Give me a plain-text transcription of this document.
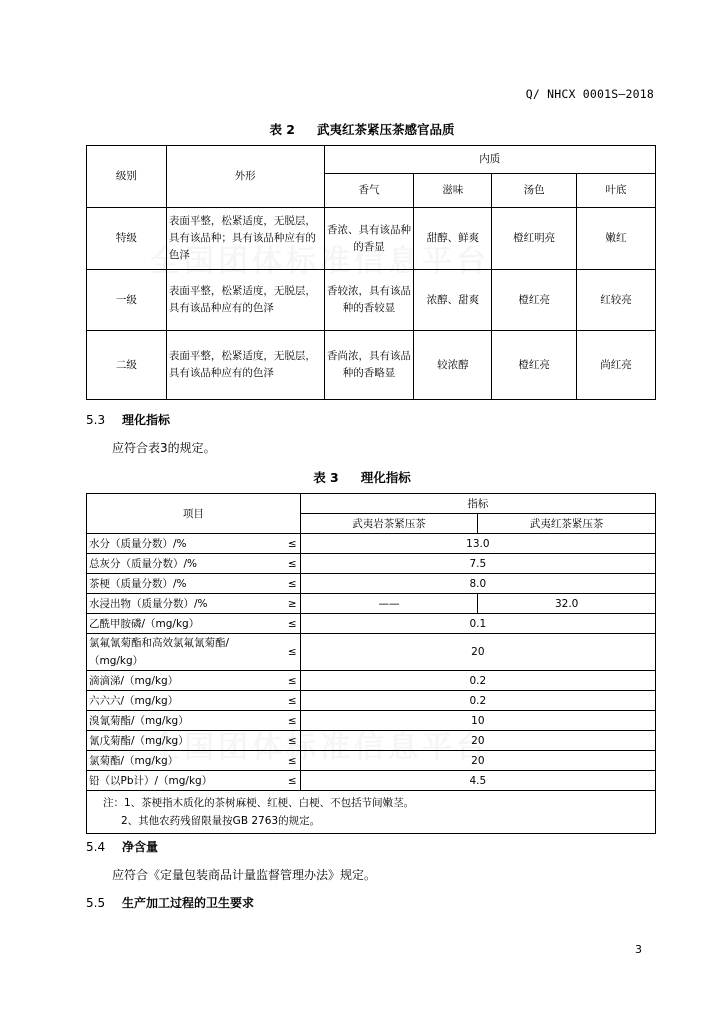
Q/ NHCX 0001S—2018
表 2 武夷红茶紧压茶感官品质
级别	外形	内质			
		香气	滋味	汤色	叶底
特级	表面平整，松紧适度，无脱层，具有该品种；具有该品种应有的色泽	香浓、具有该品种的香显	甜醇、鲜爽	橙红明亮	嫩红
一级	表面平整，松紧适度，无脱层，具有该品种应有的色泽	香较浓，具有该品种的香较显	浓醇、甜爽	橙红亮	红较亮
二级	表面平整，松紧适度，无脱层，具有该品种应有的色泽	香尚浓，具有该品种的香略显	较浓醇	橙红亮	尚红亮
5.3 理化指标
应符合表3的规定。
表 3 理化指标
项目		指标	
		武夷岩茶紧压茶	武夷红茶紧压茶
水分（质量分数）/%	≤	13.0	
总灰分（质量分数）/%	≤	7.5	
茶梗（质量分数）/%	≤	8.0	
水浸出物（质量分数）/%	≥	——	32.0
乙酰甲胺磷/（mg/kg）	≤	0.1	
氯氟氰菊酯和高效氯氟氰菊酯/（mg/kg）	≤	20	
滴滴涕/（mg/kg）	≤	0.2	
六六六/（mg/kg）	≤	0.2	
溴氰菊酯/（mg/kg）	≤	10	
氰戊菊酯/（mg/kg）	≤	20	
氯菊酯/（mg/kg）	≤	20	
铅（以Pb计）/（mg/kg）	≤	4.5	

注：1、茶梗指木质化的茶树麻梗、红梗、白梗、不包括节间嫩茎。
2、其他农药残留限量按GB 2763的规定。			
5.4 净含量
应符合《定量包装商品计量监督管理办法》规定。
5.5 生产加工过程的卫生要求
3
